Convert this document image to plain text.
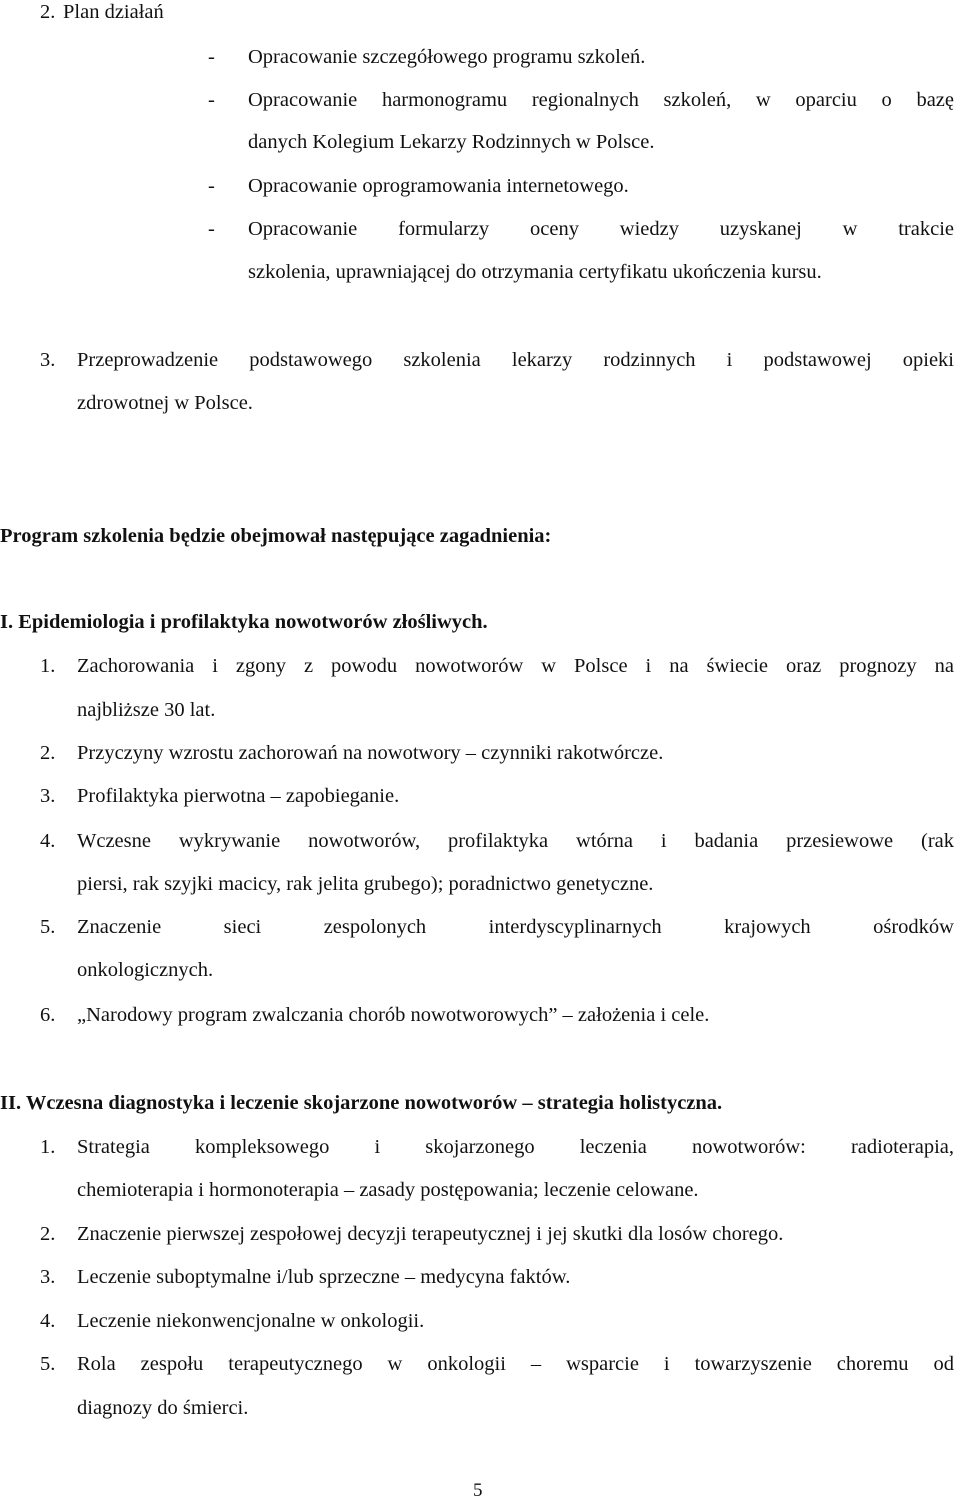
2. Plan działań
- Opracowanie szczegółowego programu szkoleń.
- Opracowanie harmonogramu regionalnych szkoleń, w oparciu o bazę
danych Kolegium Lekarzy Rodzinnych w Polsce.
- Opracowanie oprogramowania internetowego.
- Opracowanie formularzy oceny wiedzy uzyskanej w trakcie
szkolenia, uprawniającej do otrzymania certyfikatu ukończenia kursu.
3. Przeprowadzenie podstawowego szkolenia lekarzy rodzinnych i podstawowej opieki
zdrowotnej w Polsce.
Program szkolenia będzie obejmował następujące zagadnienia:
I. Epidemiologia i profilaktyka nowotworów złośliwych.
1. Zachorowania i zgony z powodu nowotworów w Polsce i na świecie oraz prognozy na
najbliższe 30 lat.
2. Przyczyny wzrostu zachorowań na nowotwory – czynniki rakotwórcze.
3. Profilaktyka pierwotna – zapobieganie.
4. Wczesne wykrywanie nowotworów, profilaktyka wtórna i badania przesiewowe (rak
piersi, rak szyjki macicy, rak jelita grubego); poradnictwo genetyczne.
5. Znaczenie sieci zespolonych interdyscyplinarnych krajowych ośrodków
onkologicznych.
6. „Narodowy program zwalczania chorób nowotworowych” – założenia i cele.
II. Wczesna diagnostyka i leczenie skojarzone nowotworów – strategia holistyczna.
1. Strategia kompleksowego i skojarzonego leczenia nowotworów: radioterapia,
chemioterapia i hormonoterapia – zasady postępowania; leczenie celowane.
2. Znaczenie pierwszej zespołowej decyzji terapeutycznej i jej skutki dla losów chorego.
3. Leczenie suboptymalne i/lub sprzeczne – medycyna faktów.
4. Leczenie niekonwencjonalne w onkologii.
5. Rola zespołu terapeutycznego w onkologii – wsparcie i towarzyszenie choremu od
diagnozy do śmierci.
5
